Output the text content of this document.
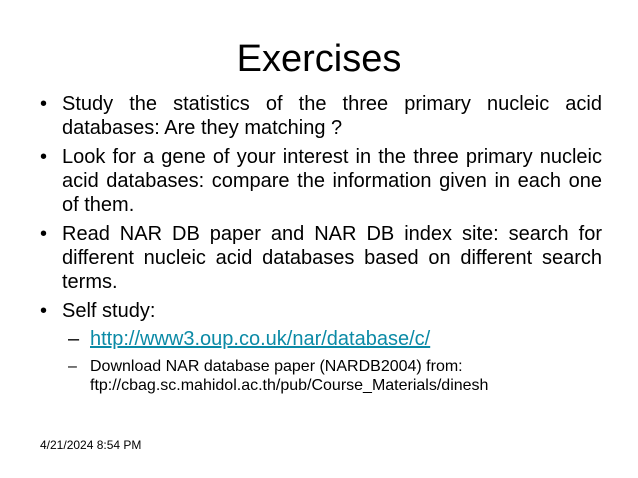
Exercises
• Study the statistics of the three primary nucleic acid databases: Are they matching ?
• Look for a gene of your interest in the three primary nucleic acid databases: compare the information given in each one of them.
• Read NAR DB paper and NAR DB index site: search for different nucleic acid databases based on different search terms.
• Self study:
– http://www3.oup.co.uk/nar/database/c/
– Download NAR database paper (NARDB2004) from:
ftp://cbag.sc.mahidol.ac.th/pub/Course_Materials/dinesh
4/21/2024 8:54 PM
